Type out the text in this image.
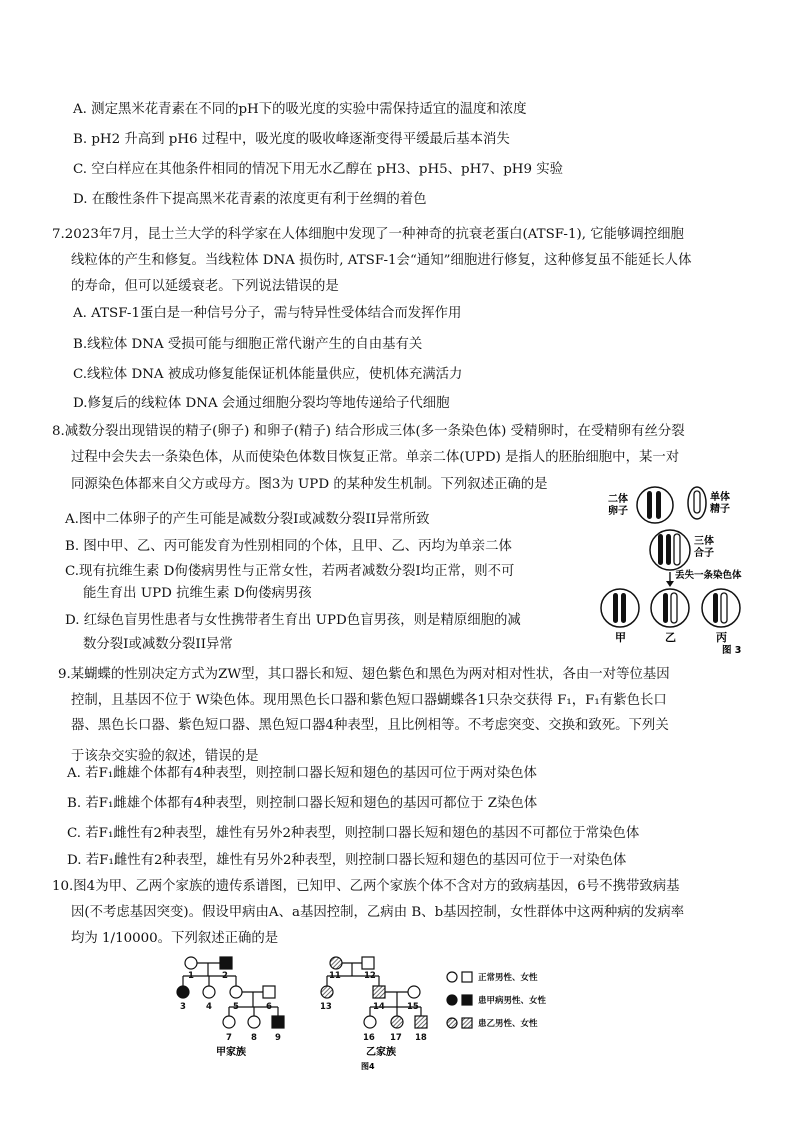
A. 测定黑米花青素在不同的pH下的吸光度的实验中需保持适宜的温度和浓度
B. pH2 升高到 pH6 过程中，吸光度的吸收峰逐渐变得平缓最后基本消失
C. 空白样应在其他条件相同的情况下用无水乙醇在 pH3、pH5、pH7、pH9 实验
D. 在酸性条件下提高黑米花青素的浓度更有利于丝绸的着色
7.2023年7月，昆士兰大学的科学家在人体细胞中发现了一种神奇的抗衰老蛋白(ATSF-1), 它能够调控细胞
线粒体的产生和修复。当线粒体 DNA 损伤时, ATSF-1会“通知”细胞进行修复，这种修复虽不能延长人体
的寿命，但可以延缓衰老。下列说法错误的是
A. ATSF-1蛋白是一种信号分子，需与特异性受体结合而发挥作用
B.线粒体 DNA 受损可能与细胞正常代谢产生的自由基有关
C.线粒体 DNA 被成功修复能保证机体能量供应，使机体充满活力
D.修复后的线粒体 DNA 会通过细胞分裂均等地传递给子代细胞
8.减数分裂出现错误的精子(卵子) 和卵子(精子) 结合形成三体(多一条染色体) 受精卵时，在受精卵有丝分裂
过程中会失去一条染色体，从而使染色体数目恢复正常。单亲二体(UPD) 是指人的胚胎细胞中，某一对
同源染色体都来自父方或母方。图3为 UPD 的某种发生机制。下列叙述正确的是
A.图中二体卵子的产生可能是减数分裂I或减数分裂II异常所致
B. 图中甲、乙、丙可能发育为性别相同的个体，且甲、乙、丙均为单亲二体
C.现有抗维生素 D佝偻病男性与正常女性，若两者减数分裂I均正常，则不可
能生育出 UPD 抗维生素 D佝偻病男孩
D. 红绿色盲男性患者与女性携带者生育出 UPD色盲男孩，则是精原细胞的减
数分裂I或减数分裂II异常
二体
卵子
单体
精子
三体
合子
丢失一条染色体
甲	乙	丙
图 3
9.某蝴蝶的性别决定方式为ZW型，其口器长和短、翅色紫色和黑色为两对相对性状，各由一对等位基因
控制，且基因不位于 W染色体。现用黑色长口器和紫色短口器蝴蝶各1只杂交获得 F₁，F₁有紫色长口
器、黑色长口器、紫色短口器、黑色短口器4种表型，且比例相等。不考虑突变、交换和致死。下列关
于该杂交实验的叙述，错误的是
A. 若F₁雌雄个体都有4种表型，则控制口器长短和翅色的基因可位于两对染色体
B. 若F₁雌雄个体都有4种表型，则控制口器长短和翅色的基因可都位于 Z染色体
C. 若F₁雌性有2种表型，雄性有另外2种表型，则控制口器长短和翅色的基因不可都位于常染色体
D. 若F₁雌性有2种表型，雄性有另外2种表型，则控制口器长短和翅色的基因可位于一对染色体
10.图4为甲、乙两个家族的遗传系谱图，已知甲、乙两个家族个体不含对方的致病基因，6号不携带致病基
因(不考虑基因突变)。假设甲病由A、a基因控制，乙病由 B、b基因控制，女性群体中这两种病的发病率
均为 1/10000。下列叙述正确的是
1	2
3 4 5	6
7 8 9
11	12
13	14	15
16 17 18
正常男性、女性
患甲病男性、女性
患乙男性、女性
甲家族	乙家族
图4
